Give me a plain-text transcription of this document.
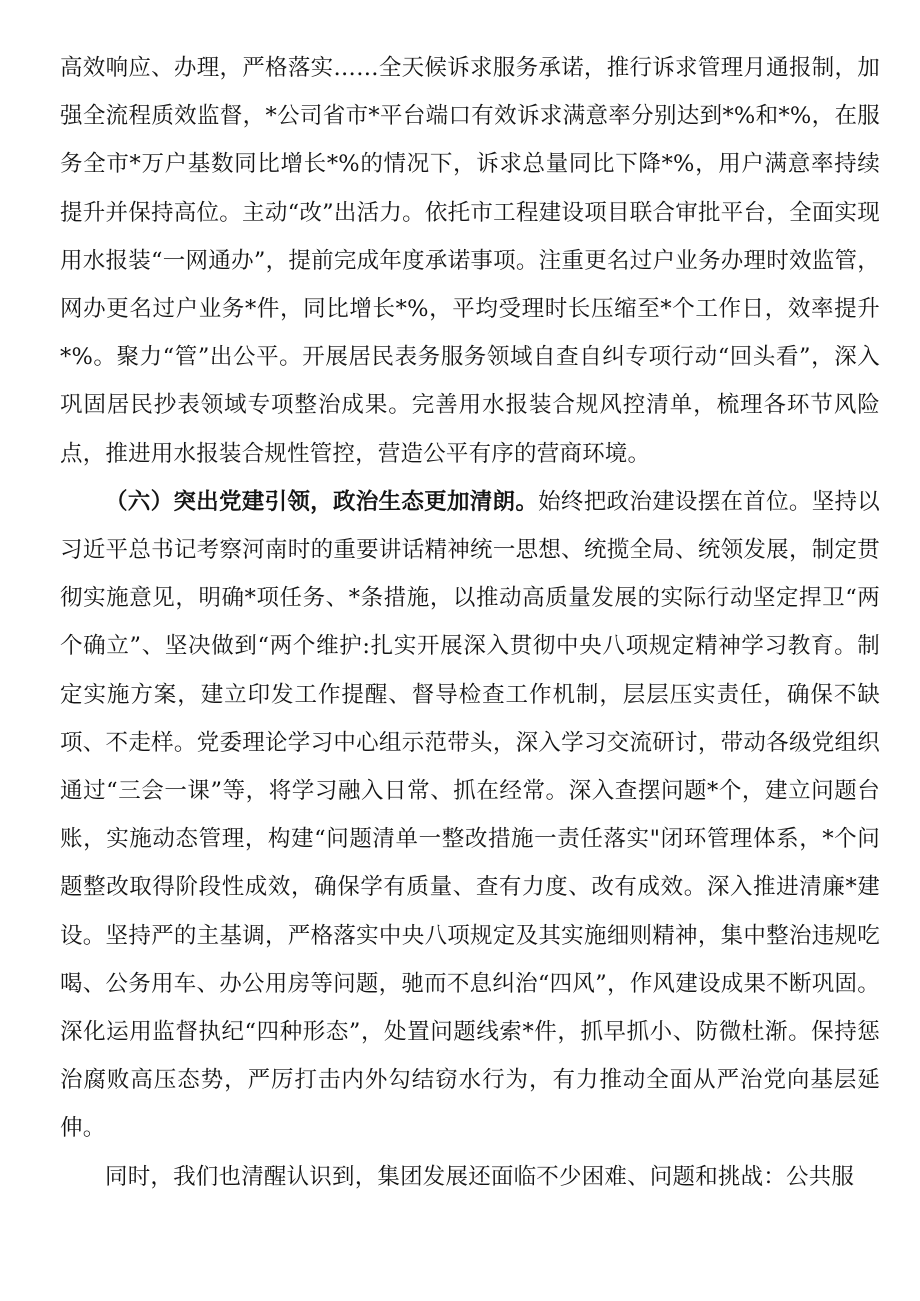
高效响应、办理，严格落实……全天候诉求服务承诺，推行诉求管理月通报制，加强全流程质效监督，*公司省市*平台端口有效诉求满意率分别达到*%和*%，在服务全市*万户基数同比增长*%的情况下，诉求总量同比下降*%，用户满意率持续提升并保持高位。主动“改”出活力。依托市工程建设项目联合审批平台，全面实现用水报装“一网通办”，提前完成年度承诺事项。注重更名过户业务办理时效监管，网办更名过户业务*件，同比增长*%，平均受理时长压缩至*个工作日，效率提升*%。聚力“管”出公平。开展居民表务服务领域自查自纠专项行动“回头看”，深入巩固居民抄表领域专项整治成果。完善用水报装合规风控清单，梳理各环节风险点，推进用水报装合规性管控，营造公平有序的营商环境。

（六）突出党建引领，政治生态更加清朗。始终把政治建设摆在首位。坚持以习近平总书记考察河南时的重要讲话精神统一思想、统揽全局、统领发展，制定贯彻实施意见，明确*项任务、*条措施，以推动高质量发展的实际行动坚定捍卫“两个确立”、坚决做到“两个维护:扎实开展深入贯彻中央八项规定精神学习教育。制定实施方案，建立印发工作提醒、督导检查工作机制，层层压实责任，确保不缺项、不走样。党委理论学习中心组示范带头，深入学习交流研讨，带动各级党组织通过“三会一课”等，将学习融入日常、抓在经常。深入查摆问题*个，建立问题台账，实施动态管理，构建“问题清单一整改措施一责任落实"闭环管理体系，*个问题整改取得阶段性成效，确保学有质量、查有力度、改有成效。深入推进清廉*建设。坚持严的主基调，严格落实中央八项规定及其实施细则精神，集中整治违规吃喝、公务用车、办公用房等问题，驰而不息纠治“四风”，作风建设成果不断巩固。深化运用监督执纪“四种形态”，处置问题线索*件，抓早抓小、防微杜渐。保持惩治腐败高压态势，严厉打击内外勾结窃水行为，有力推动全面从严治党向基层延伸。

同时，我们也清醒认识到，集团发展还面临不少困难、问题和挑战：公共服
